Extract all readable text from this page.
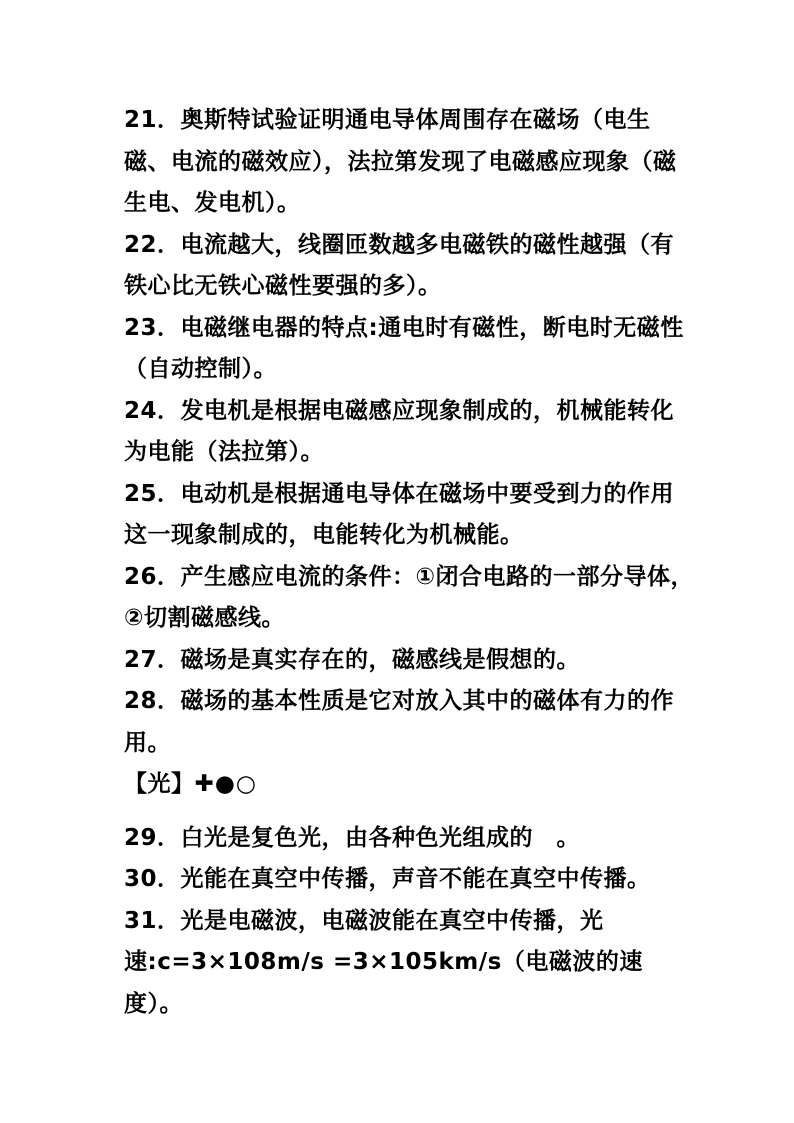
21．奥斯特试验证明通电导体周围存在磁场（电生磁、电流的磁效应），法拉第发现了电磁感应现象（磁生电、发电机）。

22．电流越大，线圈匝数越多电磁铁的磁性越强（有铁心比无铁心磁性要强的多）。

23．电磁继电器的特点:通电时有磁性，断电时无磁性（自动控制）。

24．发电机是根据电磁感应现象制成的，机械能转化为电能（法拉第）。

25．电动机是根据通电导体在磁场中要受到力的作用这一现象制成的，电能转化为机械能。

26．产生感应电流的条件：①闭合电路的一部分导体，　②切割磁感线。

27．磁场是真实存在的，磁感线是假想的。

28．磁场的基本性质是它对放入其中的磁体有力的作用。

【光】✚●○

29．白光是复色光，由各种色光组成的　。

30．光能在真空中传播，声音不能在真空中传播。

31．光是电磁波，电磁波能在真空中传播，光速:c=3×108m/s =3×105km/s（电磁波的速度）。
